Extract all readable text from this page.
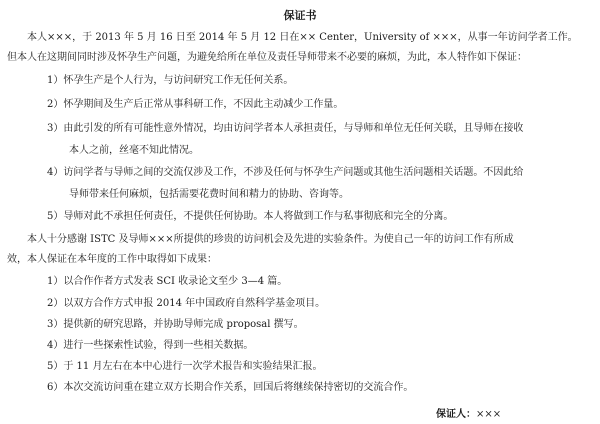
保证书
本人×××，于 2013 年 5 月 16 日至 2014 年 5 月 12 日在×× Center，University of ×××，从事一年访问学者工作。
但本人在这期间同时涉及怀孕生产问题，为避免给所在单位及责任导师带来不必要的麻烦，为此，本人特作如下保证：
1）怀孕生产是个人行为，与访问研究工作无任何关系。
2）怀孕期间及生产后正常从事科研工作，不因此主动减少工作量。
3）由此引发的所有可能性意外情况，均由访问学者本人承担责任，与导师和单位无任何关联，且导师在接收
本人之前，丝毫不知此情况。
4）访问学者与导师之间的交流仅涉及工作，不涉及任何与怀孕生产问题或其他生活问题相关话题。不因此给
导师带来任何麻烦，包括需要花费时间和精力的协助、咨询等。
5）导师对此不承担任何责任，不提供任何协助。本人将做到工作与私事彻底和完全的分离。
本人十分感谢 ISTC 及导师×××所提供的珍贵的访问机会及先进的实验条件。为使自己一年的访问工作有所成
效，本人保证在本年度的工作中取得如下成果：
1）以合作作者方式发表 SCI 收录论文至少 3—4 篇。
2）以双方合作方式申报 2014 年中国政府自然科学基金项目。
3）提供新的研究思路，并协助导师完成 proposal 撰写。
4）进行一些探索性试验，得到一些相关数据。
5）于 11 月左右在本中心进行一次学术报告和实验结果汇报。
6）本次交流访问重在建立双方长期合作关系，回国后将继续保持密切的交流合作。
保证人：×××
